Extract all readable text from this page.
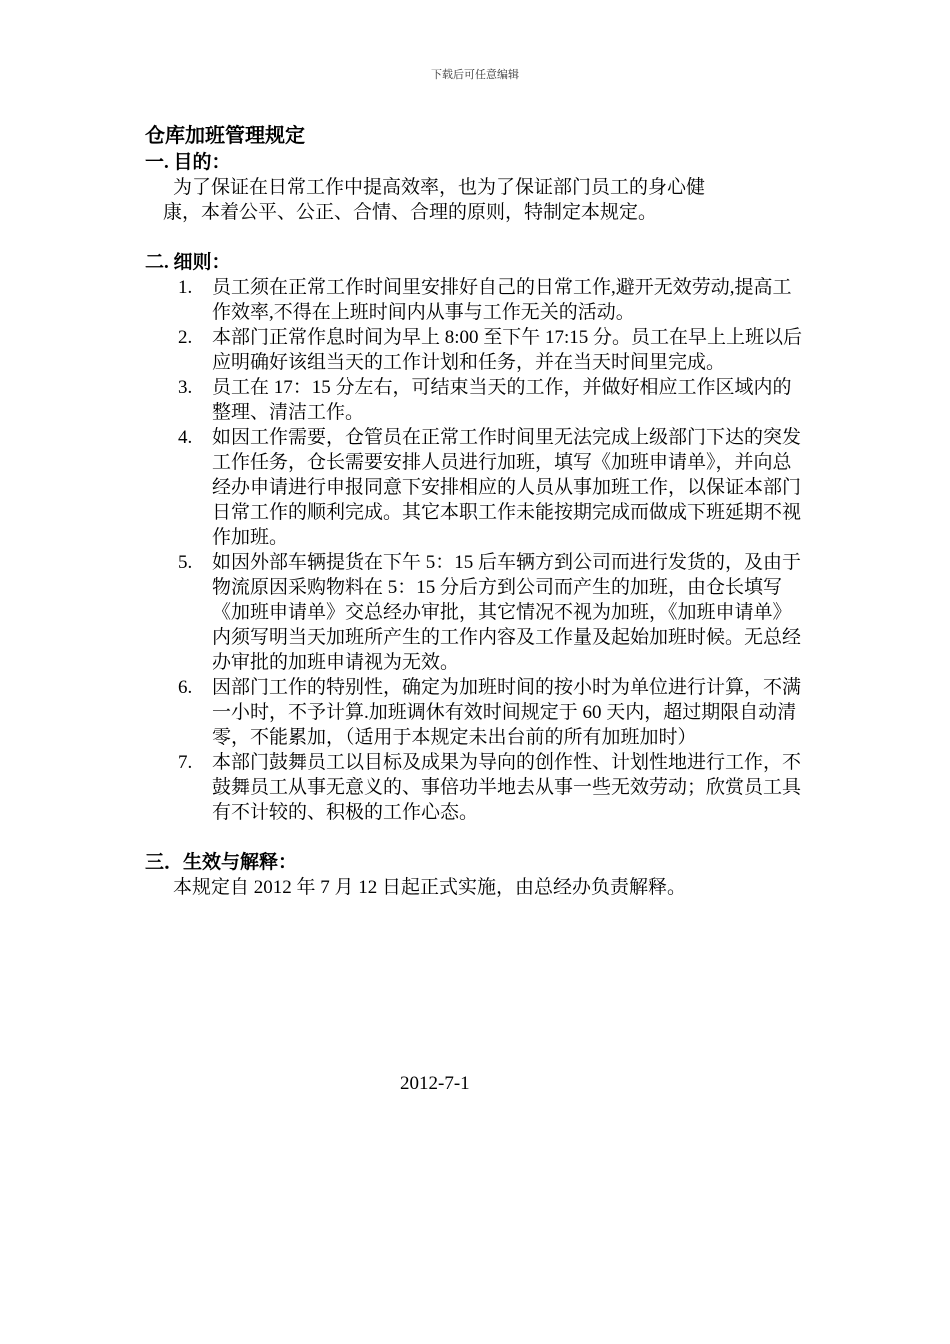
下载后可任意编辑

仓库加班管理规定

一. 目的：

为了保证在日常工作中提高效率，也为了保证部门员工的身心健

康，本着公平、公正、合情、合理的原则，特制定本规定。

二. 细则：

1. 员工须在正常工作时间里安排好自己的日常工作,避开无效劳动,提高工作效率,不得在上班时间内从事与工作无关的活动。
2. 本部门正常作息时间为早上 8:00 至下午 17:15 分。员工在早上上班以后应明确好该组当天的工作计划和任务，并在当天时间里完成。
3. 员工在 17：15 分左右，可结束当天的工作，并做好相应工作区域内的整理、清洁工作。
4. 如因工作需要，仓管员在正常工作时间里无法完成上级部门下达的突发工作任务，仓长需要安排人员进行加班，填写《加班申请单》，并向总经办申请进行申报同意下安排相应的人员从事加班工作，以保证本部门日常工作的顺利完成。其它本职工作未能按期完成而做成下班延期不视作加班。
5. 如因外部车辆提货在下午 5：15 后车辆方到公司而进行发货的，及由于物流原因采购物料在 5：15 分后方到公司而产生的加班，由仓长填写《加班申请单》交总经办审批，其它情况不视为加班，《加班申请单》内须写明当天加班所产生的工作内容及工作量及起始加班时候。无总经办审批的加班申请视为无效。
6. 因部门工作的特别性，确定为加班时间的按小时为单位进行计算，不满一小时，不予计算.加班调休有效时间规定于 60 天内，超过期限自动清零，不能累加，（适用于本规定未出台前的所有加班加时）
7. 本部门鼓舞员工以目标及成果为导向的创作性、计划性地进行工作，不鼓舞员工从事无意义的、事倍功半地去从事一些无效劳动；欣赏员工具有不计较的、积极的工作心态。

三．生效与解释：

本规定自 2012 年 7 月 12 日起正式实施，由总经办负责解释。

2012-7-1
